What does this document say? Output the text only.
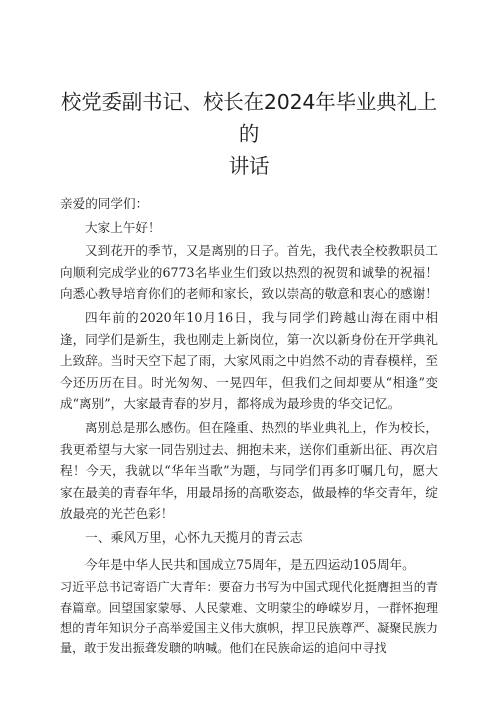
校党委副书记、校长在2024年毕业典礼上的
讲话

亲爱的同学们：

大家上午好！

又到花开的季节，又是离别的日子。首先，我代表全校教职员工向顺利完成学业的6773名毕业生们致以热烈的祝贺和诚挚的祝福！向悉心教导培育你们的老师和家长，致以崇高的敬意和衷心的感谢！

四年前的2020年10月16日，我与同学们跨越山海在雨中相逢，同学们是新生，我也刚走上新岗位，第一次以新身份在开学典礼上致辞。当时天空下起了雨，大家风雨之中岿然不动的青春模样，至今还历历在目。时光匆匆、一晃四年，但我们之间却要从“相逢”变成“离别”，大家最青春的岁月，都将成为最珍贵的华交记忆。

离别总是那么感伤。但在隆重、热烈的毕业典礼上，作为校长，我更希望与大家一同告别过去、拥抱未来，送你们重新出征、再次启程！今天，我就以“华年当歌”为题，与同学们再多叮嘱几句，愿大家在最美的青春年华，用最昂扬的高歌姿态，做最棒的华交青年，绽放最亮的光芒色彩！

一、乘风万里，心怀九天揽月的青云志

今年是中华人民共和国成立75周年，是五四运动105周年。

习近平总书记寄语广大青年：要奋力书写为中国式现代化挺膺担当的青春篇章。回望国家蒙辱、人民蒙难、文明蒙尘的峥嵘岁月，一群怀抱理想的青年知识分子高举爱国主义伟大旗帜，捍卫民族尊严、凝聚民族力量，敢于发出振聋发聩的呐喊。他们在民族命运的追问中寻找
